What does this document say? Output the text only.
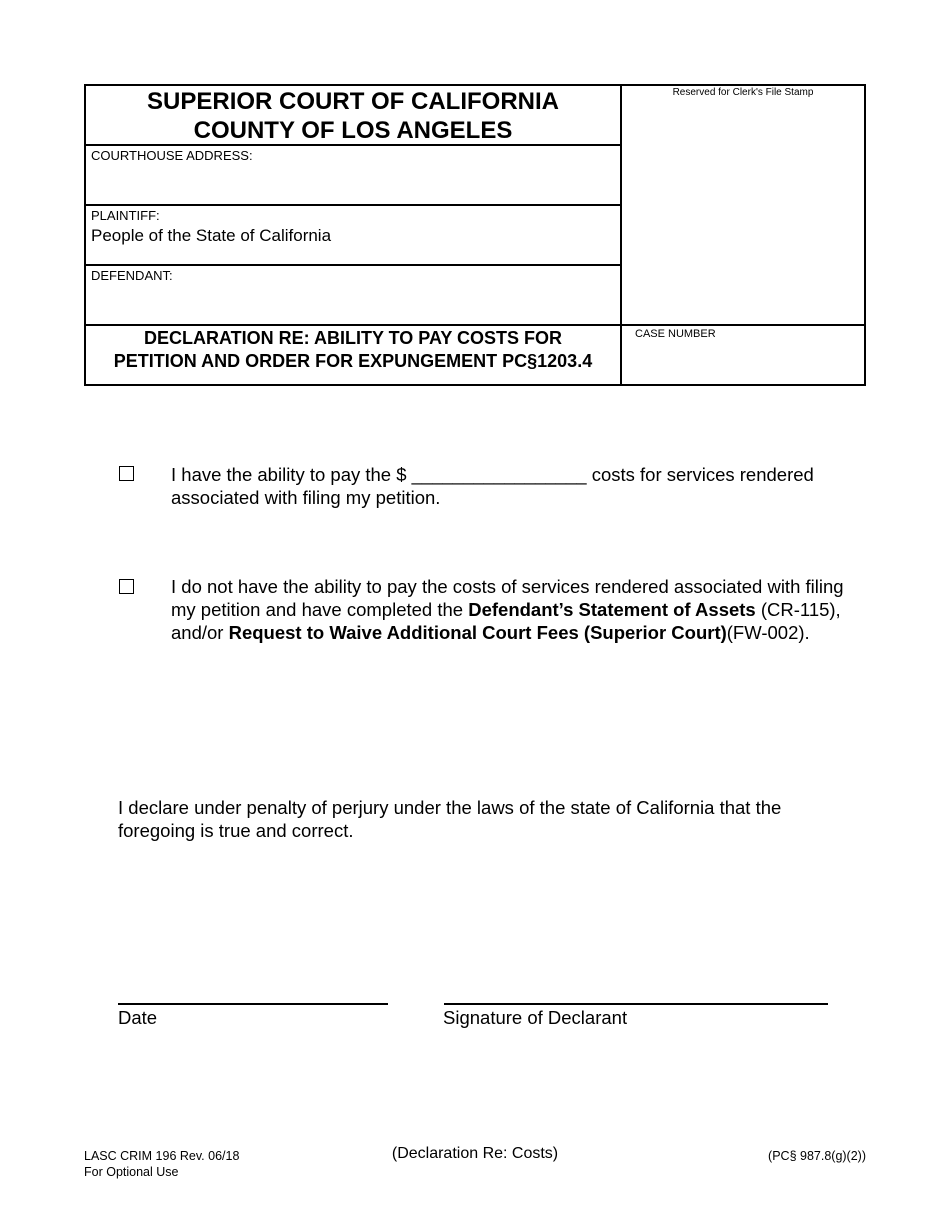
SUPERIOR COURT OF CALIFORNIA
COUNTY OF LOS ANGELES
COURTHOUSE ADDRESS:
PLAINTIFF:
People of the State of California
DEFENDANT:
DECLARATION RE: ABILITY TO PAY COSTS FOR
PETITION AND ORDER FOR EXPUNGEMENT PC§1203.4
Reserved for Clerk's File Stamp
CASE NUMBER
I have the ability to pay the $ _________________ costs for services rendered
associated with filing my petition.
I do not have the ability to pay the costs of services rendered associated with filing
my petition and have completed the Defendant’s Statement of Assets (CR-115),
and/or Request to Waive Additional Court Fees (Superior Court)(FW-002).
I declare under penalty of perjury under the laws of the state of California that the
foregoing is true and correct.
Date	Signature of Declarant
LASC CRIM 196 Rev. 06/18
For Optional Use
(Declaration Re: Costs)	(PC§ 987.8(g)(2))
